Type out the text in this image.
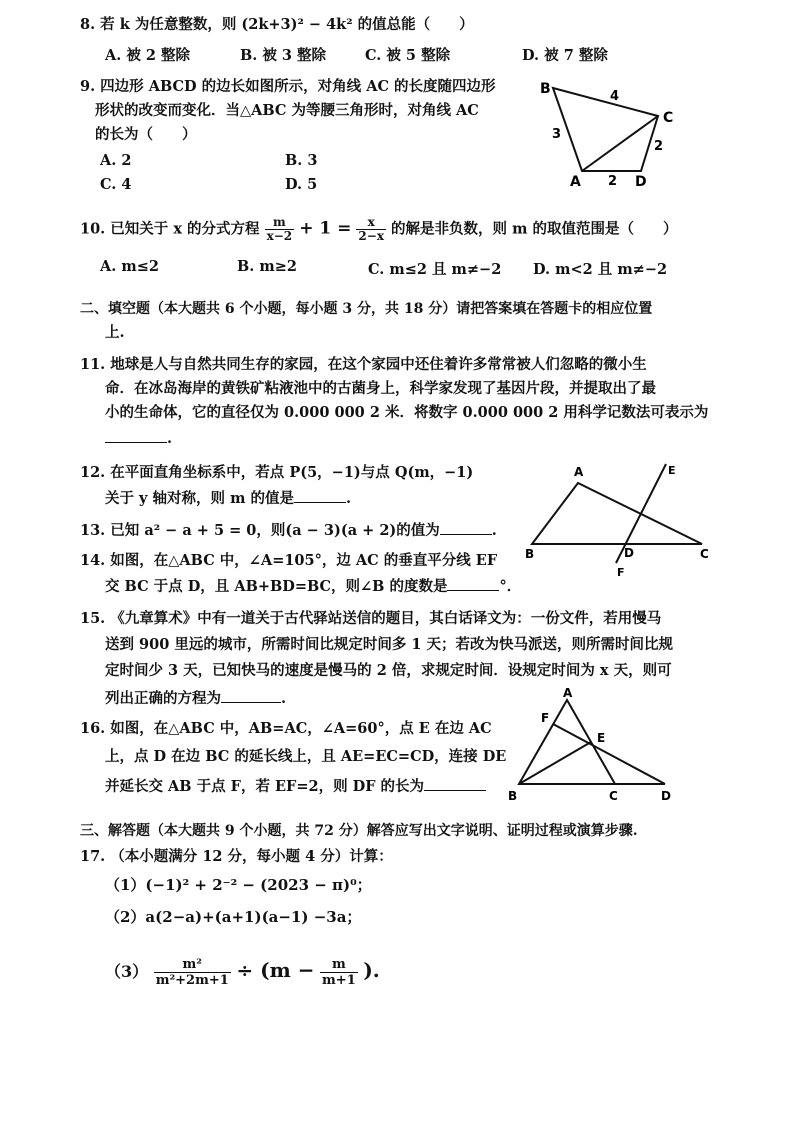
8. 若 k 为任意整数，则 (2k+3)² − 4k² 的值总能（　　）
A. 被 2 整除	B. 被 3 整除	C. 被 5 整除	D. 被 7 整除
9. 四边形 ABCD 的边长如图所示，对角线 AC 的长度随四边形
形状的改变而变化．当△ABC 为等腰三角形时，对角线 AC
的长为（　　）
A. 2	B. 3
C. 4	D. 5
B
C
A	D
3
4
2
2
10. 已知关于 x 的分式方程 $\frac{m}{x-2} + 1 = \frac{x}{2-x}$ 的解是非负数，则 m 的取值范围是（　　）
A. m≤2	B. m≥2	C. m≤2 且 m≠−2 D. m<2 且 m≠−2
二、填空题（本大题共 6 个小题，每小题 3 分，共 18 分）请把答案填在答题卡的相应位置
上.
11. 地球是人与自然共同生存的家园，在这个家园中还住着许多常常被人们忽略的微小生
命．在冰岛海岸的黄铁矿粘液池中的古菌身上，科学家发现了基因片段，并提取出了最
小的生命体，它的直径仅为 0.000 000 2 米．将数字 0.000 000 2 用科学记数法可表示为
.
12. 在平面直角坐标系中，若点 P(5，−1)与点 Q(m，−1)
关于 y 轴对称，则 m 的值是	.
13. 已知 a² − a + 5 = 0，则(a − 3)(a + 2)的值为	.
14. 如图，在△ABC 中，∠A=105°，边 AC 的垂直平分线 EF
交 BC 于点 D，且 AB+BD=BC，则∠B 的度数是	°．
A
B	C
D
E
F
15. 《九章算术》中有一道关于古代驿站送信的题目，其白话译文为：一份文件，若用慢马
送到 900 里远的城市，所需时间比规定时间多 1 天；若改为快马派送，则所需时间比规
定时间少 3 天，已知快马的速度是慢马的 2 倍，求规定时间．设规定时间为 x 天，则可
列出正确的方程为	.
16. 如图，在△ABC 中，AB=AC，∠A=60°，点 E 在边 AC
上，点 D 在边 BC 的延长线上，且 AE=EC=CD，连接 DE
并延长交 AB 于点 F，若 EF=2，则 DF 的长为
A
B	C	D
E
F
三、解答题（本大题共 9 个小题，共 72 分）解答应写出文字说明、证明过程或演算步骤.
17. （本小题满分 12 分，每小题 4 分）计算：
（1）(−1)² + 2⁻² − (2023 − π)⁰；
（2）a(2−a)+(a+1)(a−1) −3a；
$(3) \frac{\text{m²}}{\text{m²+2m+1}} \div (m - \frac{m}{m+1}$ ).
